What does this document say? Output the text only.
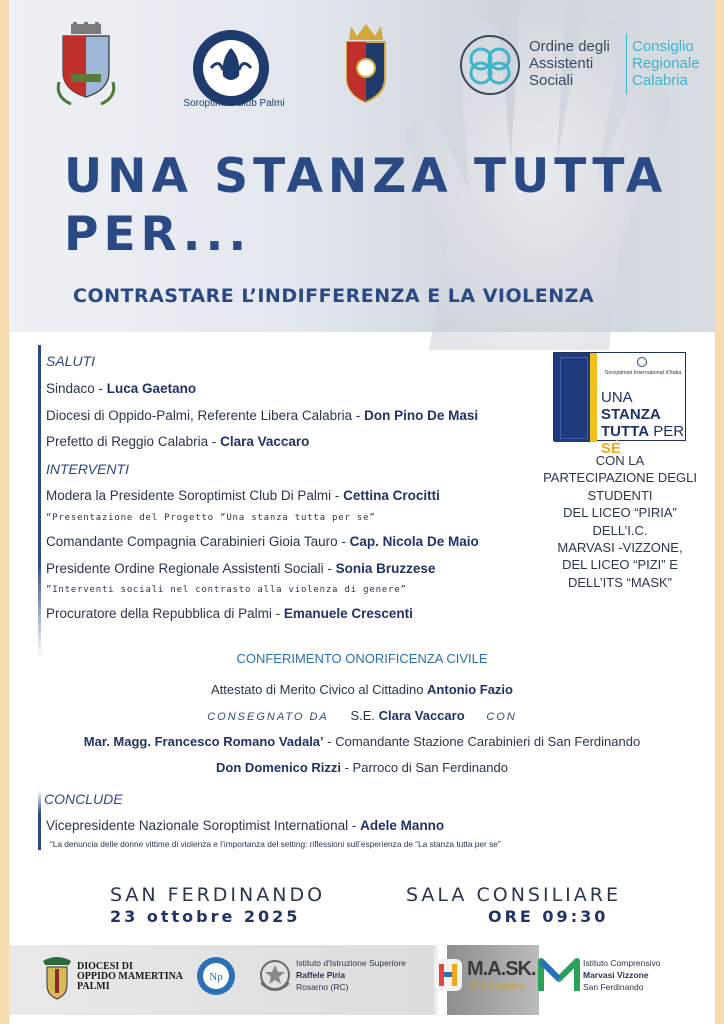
Soroptimist Club Palmi
Ordine degli
Assistenti
Sociali
Consiglio
Regionale
Calabria
UNA STANZA TUTTA
PER...
CONTRASTARE L’INDIFFERENZA E LA VIOLENZA
SALUTI
Sindaco - Luca Gaetano
Diocesi di Oppido-Palmi, Referente Libera Calabria - Don Pino De Masi
Prefetto di Reggio Calabria - Clara Vaccaro
INTERVENTI
Modera la Presidente Soroptimist Club Di Palmi - Cettina Crocitti
“Presentazione del Progetto “Una stanza tutta per se”
Comandante Compagnia Carabinieri Gioia Tauro - Cap. Nicola De Maio
Presidente Ordine Regionale Assistenti Sociali - Sonia Bruzzese
”Interventi sociali nel contrasto alla violenza di genere”
Procuratore della Repubblica di Palmi - Emanuele Crescenti
CONFERIMENTO ONORIFICENZA CIVILE
Attestato di Merito Civico al Cittadino Antonio Fazio
CONSEGNATO DA S.E. Clara Vaccaro CON
Mar. Magg. Francesco Romano Vadala’ - Comandante Stazione Carabinieri di San Ferdinando
Don Domenico Rizzi - Parroco di San Ferdinando
CONCLUDE
Vicepresidente Nazionale Soroptimist International - Adele Manno
“La denuncia delle donne vittime di violenza e l’importanza del setting: riflessioni sull’esperienza de “La stanza tutta per se”
Soroptimist International d'Italia
UNA STANZA
TUTTA PER SÉ
CON LA
PARTECIPAZIONE DEGLI
STUDENTI
DEL LICEO “PIRIA”
DELL’I.C.
MARVASI -VIZZONE,
DEL LICEO “PIZI” E
DELL’ITS “MASK”
SAN FERDINANDO
23 ottobre 2025
SALA CONSILIARE
ORE 09:30
DIOCESI DI
OPPIDO MAMERTINA
PALMI
Np
Istituto d'Istruzione Superiore
Raffele Piria
Rosarno (RC)
M.A.SK.
ITS Academy
Istituto Comprensivo
Marvasi Vizzone
San Ferdinando
